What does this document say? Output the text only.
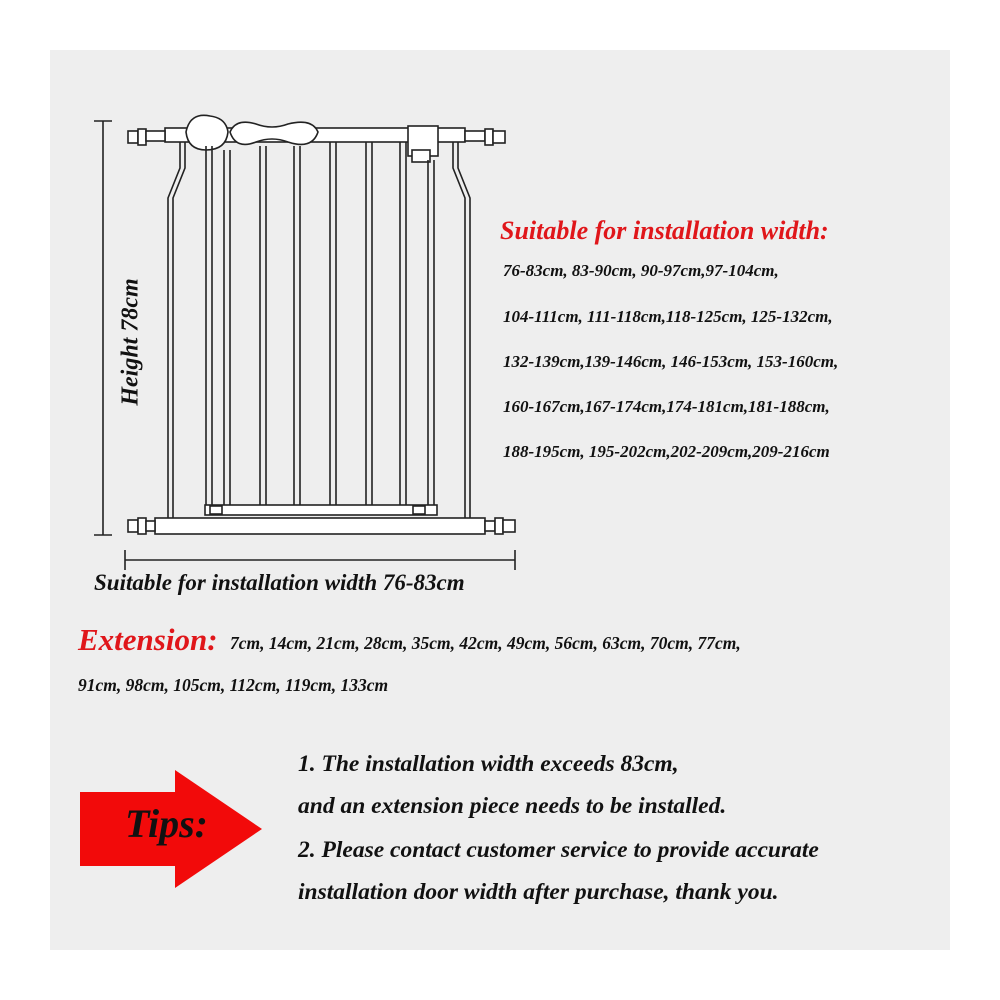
Height 78cm
Suitable for installation width:
76-83cm, 83-90cm, 90-97cm,97-104cm,
104-111cm, 111-118cm,118-125cm, 125-132cm,
132-139cm,139-146cm, 146-153cm, 153-160cm,
160-167cm,167-174cm,174-181cm,181-188cm,
188-195cm, 195-202cm,202-209cm,209-216cm
Suitable for installation width 76-83cm
Extension: 7cm, 14cm, 21cm, 28cm, 35cm, 42cm, 49cm, 56cm, 63cm, 70cm, 77cm,
91cm, 98cm, 105cm, 112cm, 119cm, 133cm
Tips:
1. The installation width exceeds 83cm,
and an extension piece needs to be installed.
2. Please contact customer service to provide accurate
installation door width after purchase, thank you.
